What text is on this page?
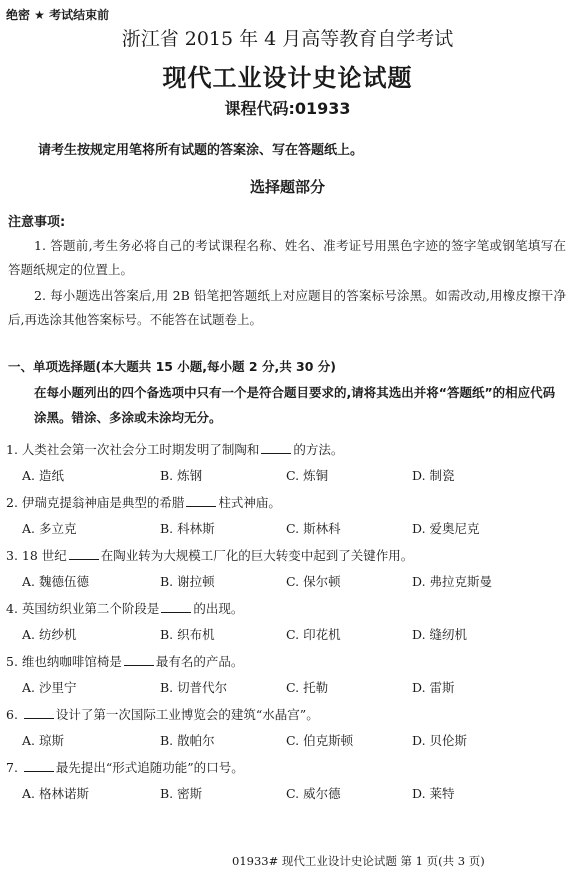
绝密 ★ 考试结束前
浙江省 2015 年 4 月高等教育自学考试
现代工业设计史论试题
课程代码:01933
请考生按规定用笔将所有试题的答案涂、写在答题纸上。
选择题部分
注意事项:
1. 答题前,考生务必将自己的考试课程名称、姓名、准考证号用黑色字迹的签字笔或钢笔填写在答题纸规定的位置上。
2. 每小题选出答案后,用 2B 铅笔把答题纸上对应题目的答案标号涂黑。如需改动,用橡皮擦干净后,再选涂其他答案标号。不能答在试题卷上。
一、单项选择题(本大题共 15 小题,每小题 2 分,共 30 分)
在每小题列出的四个备选项中只有一个是符合题目要求的,请将其选出并将“答题纸”的相应代码涂黑。错涂、多涂或未涂均无分。
1. 人类社会第一次社会分工时期发明了制陶和	的方法。
A. 造纸	B. 炼钢	C. 炼铜	D. 制瓷
2. 伊瑞克提翁神庙是典型的希腊	柱式神庙。
A. 多立克	B. 科林斯	C. 斯林科	D. 爱奥尼克
3. 18 世纪	在陶业转为大规模工厂化的巨大转变中起到了关键作用。
A. 魏德伍德	B. 谢拉顿	C. 保尔顿	D. 弗拉克斯曼
4. 英国纺织业第二个阶段是	的出现。
A. 纺纱机	B. 织布机	C. 印花机	D. 缝纫机
5. 维也纳咖啡馆椅是	最有名的产品。
A. 沙里宁	B. 切普代尔	C. 托勒	D. 雷斯
6.	设计了第一次国际工业博览会的建筑“水晶宫”。
A. 琼斯	B. 散帕尔	C. 伯克斯顿	D. 贝伦斯
7.	最先提出“形式追随功能”的口号。
A. 格林诺斯	B. 密斯	C. 威尔德	D. 莱特
01933# 现代工业设计史论试题 第 1 页(共 3 页)
